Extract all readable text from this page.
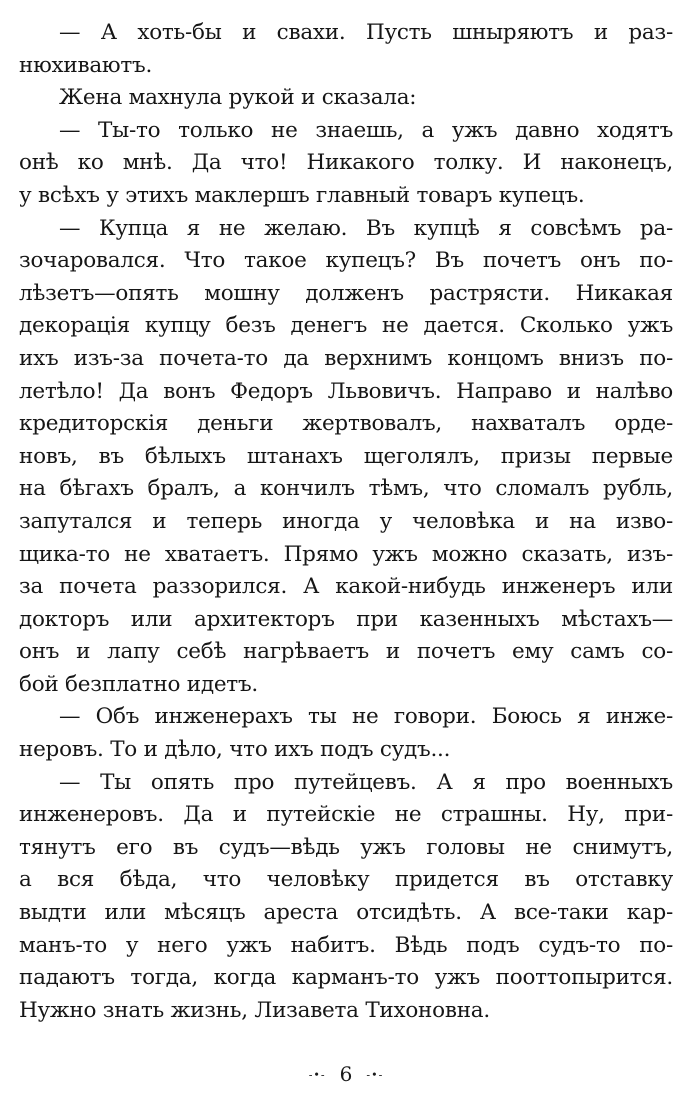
— А хоть-бы и свахи. Пусть шныряютъ и раз-
нюхиваютъ.
Жена махнула рукой и сказала:
— Ты-то только не знаешь, а ужъ давно ходятъ
онѣ ко мнѣ. Да что! Никакого толку. И наконецъ,
у всѣхъ у этихъ маклершъ главный товаръ купецъ.
— Купца я не желаю. Въ купцѣ я совсѣмъ ра-
зочаровался. Что такое купецъ? Въ почетъ онъ по-
лѣзетъ—опять мошну долженъ растрясти. Никакая
декорація купцу безъ денегъ не дается. Сколько ужъ
ихъ изъ-за почета-то да верхнимъ концомъ внизъ по-
летѣло! Да вонъ Федоръ Львовичъ. Направо и налѣво
кредиторскія деньги жертвовалъ, нахваталъ орде-
новъ, въ бѣлыхъ штанахъ щеголялъ, призы первые
на бѣгахъ бралъ, а кончилъ тѣмъ, что сломалъ рубль,
запутался и теперь иногда у человѣка и на изво-
щика-то не хватаетъ. Прямо ужъ можно сказать, изъ-
за почета раззорился. А какой-нибудь инженеръ или
докторъ или архитекторъ при казенныхъ мѣстахъ—
онъ и лапу себѣ нагрѣваетъ и почетъ ему самъ со-
бой безплатно идетъ.
— Объ инженерахъ ты не говори. Боюсь я инже-
неровъ. То и дѣло, что ихъ подъ судъ...
— Ты опять про путейцевъ. А я про военныхъ
инженеровъ. Да и путейскіе не страшны. Ну, при-
тянутъ его въ судъ—вѣдь ужъ головы не снимутъ,
а вся бѣда, что человѣку придется въ отставку
выдти или мѣсяцъ ареста отсидѣть. А все-таки кар-
манъ-то у него ужъ набитъ. Вѣдь подъ судъ-то по-
падаютъ тогда, когда карманъ-то ужъ пооттопырится.
Нужно знать жизнь, Лизавета Тихоновна.
-•- 6 -•-
